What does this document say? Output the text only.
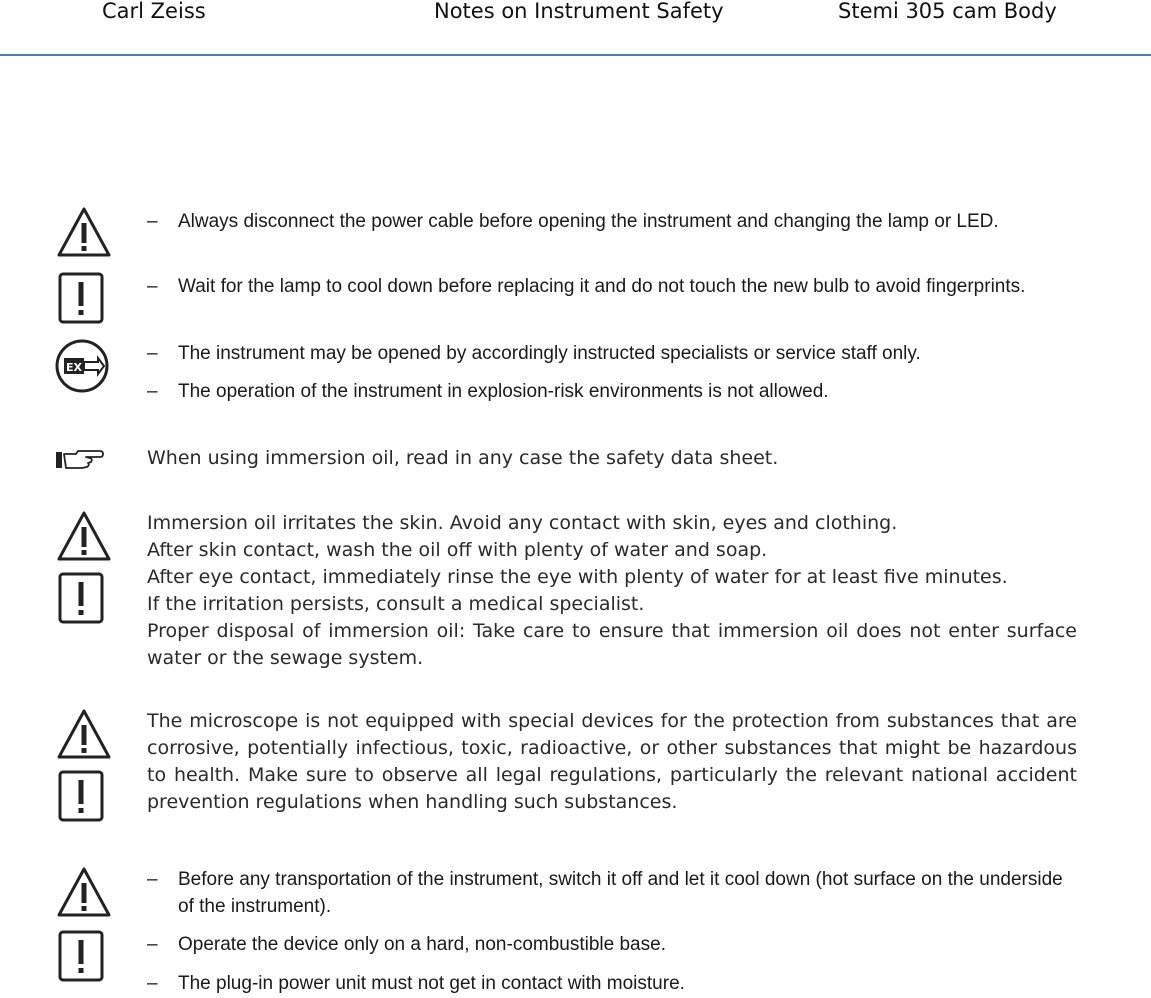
Carl Zeiss	Notes on Instrument Safety	Stemi 305 cam Body
EX
–	Always disconnect the power cable before opening the instrument and changing the lamp or LED.
–	Wait for the lamp to cool down before replacing it and do not touch the new bulb to avoid fingerprints.
–	The instrument may be opened by accordingly instructed specialists or service staff only.
–	The operation of the instrument in explosion-risk environments is not allowed.
When using immersion oil, read in any case the safety data sheet.
Immersion oil irritates the skin. Avoid any contact with skin, eyes and clothing.
After skin contact, wash the oil off with plenty of water and soap.
After eye contact, immediately rinse the eye with plenty of water for at least five minutes.
If the irritation persists, consult a medical specialist.
Proper disposal of immersion oil: Take care to ensure that immersion oil does not enter surface water or the sewage system.
The microscope is not equipped with special devices for the protection from substances that are corrosive, potentially infectious, toxic, radioactive, or other substances that might be hazardous to health. Make sure to observe all legal regulations, particularly the relevant national accident prevention regulations when handling such substances.
–	Before any transportation of the instrument, switch it off and let it cool down (hot surface on the underside of the instrument).
–	Operate the device only on a hard, non-combustible base.
–	The plug-in power unit must not get in contact with moisture.
